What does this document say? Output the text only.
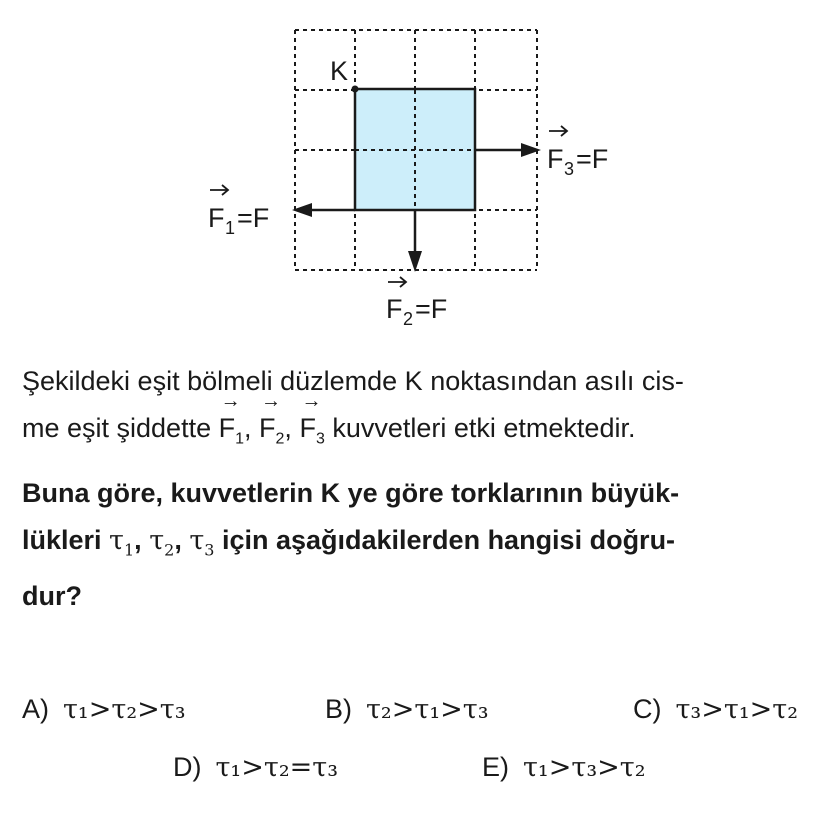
K
F 3 =F
F 1 =F
F 2 =F

Şekildeki eşit bölmeli düzlemde K noktasından asılı cis-
me eşit şiddette
→
$F_1$,
→
$F_2$,
→
$F_3$ kuvvetleri etki etmektedir.

Buna göre, kuvvetlerin K ye göre torklarının büyük-
lükleri $\tau_1$, $\tau_2$, $\tau_3$ için aşağıdakilerden hangisi doğru-
dur?

A) τ₁>τ₂>τ₃	B) τ₂>τ₁>τ₃	C) τ₃>τ₁>τ₂
D) τ₁>τ₂=τ₃	E) τ₁>τ₃>τ₂
